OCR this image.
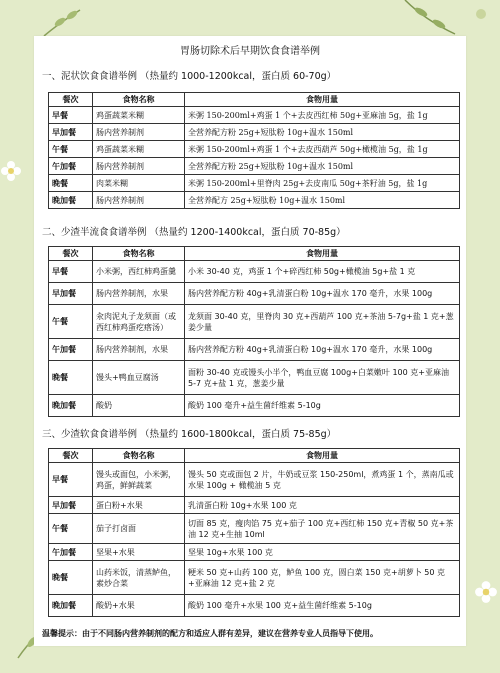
胃肠切除术后早期饮食食谱举例
一、泥状饮食食谱举例 （热量约 1000-1200kcal，蛋白质 60-70g）
餐次	食物名称	食物用量
早餐	鸡蛋蔬菜米糊	米粥 150-200ml+鸡蛋 1 个+去皮西红柿 50g+亚麻油 5g，盐 1g
早加餐	肠内营养制剂	全营养配方粉 25g+短肽粉 10g+温水 150ml
午餐	鸡蛋蔬菜米糊	米粥 150-200ml+鸡蛋 1 个+去皮西葫芦 50g+橄榄油 5g，盐 1g
午加餐	肠内营养制剂	全营养配方粉 25g+短肽粉 10g+温水 150ml
晚餐	肉菜米糊	米粥 150-200ml+里脊肉 25g+去皮南瓜 50g+茶籽油 5g，盐 1g
晚加餐	肠内营养制剂	全营养配方 25g+短肽粉 10g+温水 150ml
二、少渣半流食食谱举例 （热量约 1200-1400kcal，蛋白质 70-85g）
餐次	食物名称	食物用量
早餐	小米粥，西红柿鸡蛋羹	小米 30-40 克，鸡蛋 1 个+碎西红柿 50g+橄榄油 5g+盐 1 克
早加餐	肠内营养制剂，水果	肠内营养配方粉 40g+乳清蛋白粉 10g+温水 170 毫升，水果 100g
午餐	汆肉泥丸子龙须面（或西红柿鸡蛋疙瘩汤）	龙须面 30-40 克，里脊肉 30 克+西葫芦 100 克+茶油 5-7g+盐 1 克+葱姜少量
午加餐	肠内营养制剂，水果	肠内营养配方粉 40g+乳清蛋白粉 10g+温水 170 毫升，水果 100g
晚餐	馒头+鸭血豆腐汤	面粉 30-40 克或馒头小半个，鸭血豆腐 100g+白菜嫩叶 100 克+亚麻油 5-7 克+盐 1 克，葱姜少量
晚加餐	酸奶	酸奶 100 毫升+益生菌纤维素 5-10g
三、少渣软食食谱举例 （热量约 1600-1800kcal，蛋白质 75-85g）
餐次	食物名称	食物用量
早餐	馒头或面包，小米粥，鸡蛋，鲜鲜蔬菜	馒头 50 克或面包 2 片，牛奶或豆浆 150-250ml，煮鸡蛋 1 个，蒸南瓜或水果 100g + 橄榄油 5 克
早加餐	蛋白粉+水果	乳清蛋白粉 10g+水果 100 克
午餐	茄子打卤面	切面 85 克，瘦肉馅 75 克+茄子 100 克+西红柿 150 克+青椒 50 克+茶油 12 克+生抽 10ml
午加餐	坚果+水果	坚果 10g+水果 100 克
晚餐	山药米饭，清蒸鲈鱼，素炒合菜	粳米 50 克+山药 100 克，鲈鱼 100 克，圆白菜 150 克+胡萝卜 50 克+亚麻油 12 克+盐 2 克
晚加餐	酸奶+水果	酸奶 100 毫升+水果 100 克+益生菌纤维素 5-10g
温馨提示：由于不同肠内营养制剂的配方和适应人群有差异，建议在营养专业人员指导下使用。
